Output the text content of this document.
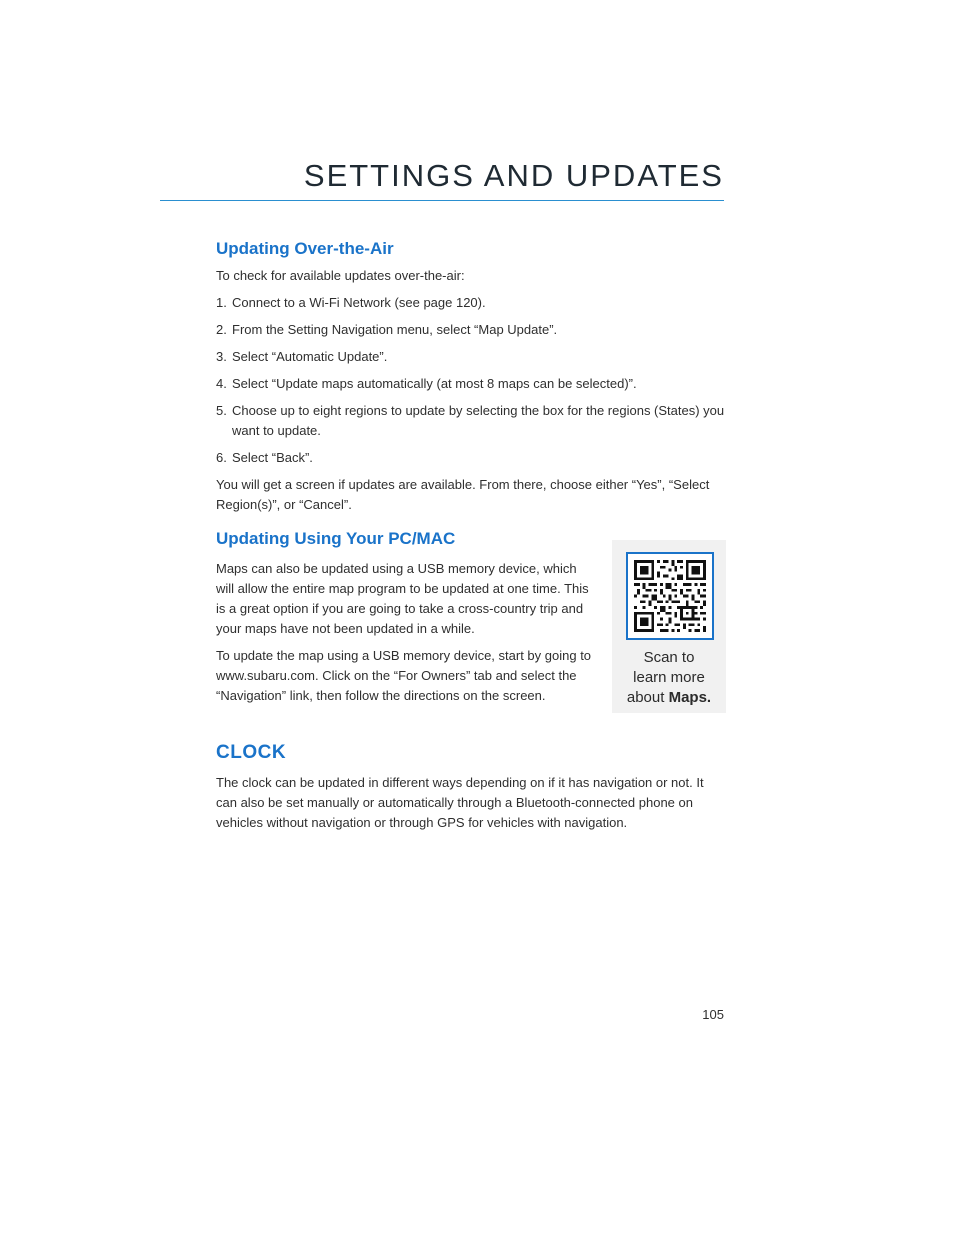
SETTINGS AND UPDATES
Updating Over-the-Air

To check for available updates over-the-air:

1. Connect to a Wi-Fi Network (see page 120).
2. From the Setting Navigation menu, select “Map Update”.
3. Select “Automatic Update”.
4. Select “Update maps automatically (at most 8 maps can be selected)”.
5. Choose up to eight regions to update by selecting the box for the regions (States) you want to update.
6. Select “Back”.

You will get a screen if updates are available. From there, choose either “Yes”, “Select Region(s)”, or “Cancel”.

Updating Using Your PC/MAC

Maps can also be updated using a USB memory device, which will allow the entire map program to be updated at one time. This is a great option if you are going to take a cross-country trip and your maps have not been updated in a while.

To update the map using a USB memory device, start by going to www.subaru.com. Click on the “For Owners” tab and select the “Navigation” link, then follow the directions on the screen.

Scan to
learn more
about Maps.
CLOCK

The clock can be updated in different ways depending on if it has navigation or not. It can also be set manually or automatically through a Bluetooth-connected phone on vehicles without navigation or through GPS for vehicles with navigation.

105
